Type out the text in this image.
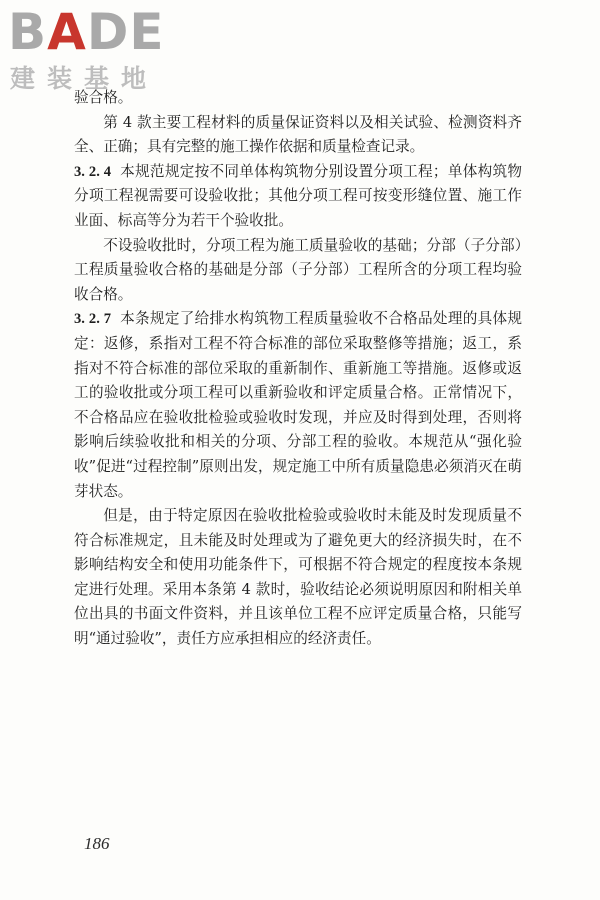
BADE
建装基地

验合格。

第 4 款主要工程材料的质量保证资料以及相关试验、检测资料齐全、正确；具有完整的施工操作依据和质量检查记录。

3. 2. 4 本规范规定按不同单体构筑物分别设置分项工程；单体构筑物分项工程视需要可设验收批；其他分项工程可按变形缝位置、施工作业面、标高等分为若干个验收批。

不设验收批时，分项工程为施工质量验收的基础；分部（子分部）工程质量验收合格的基础是分部（子分部）工程所含的分项工程均验收合格。

3. 2. 7 本条规定了给排水构筑物工程质量验收不合格品处理的具体规定：返修，系指对工程不符合标准的部位采取整修等措施；返工，系指对不符合标准的部位采取的重新制作、重新施工等措施。返修或返工的验收批或分项工程可以重新验收和评定质量合格。正常情况下，不合格品应在验收批检验或验收时发现，并应及时得到处理，否则将影响后续验收批和相关的分项、分部工程的验收。本规范从“强化验收”促进“过程控制”原则出发，规定施工中所有质量隐患必须消灭在萌芽状态。

但是，由于特定原因在验收批检验或验收时未能及时发现质量不符合标准规定，且未能及时处理或为了避免更大的经济损失时，在不影响结构安全和使用功能条件下，可根据不符合规定的程度按本条规定进行处理。采用本条第 4 款时，验收结论必须说明原因和附相关单位出具的书面文件资料，并且该单位工程不应评定质量合格，只能写明“通过验收”，责任方应承担相应的经济责任。

186
